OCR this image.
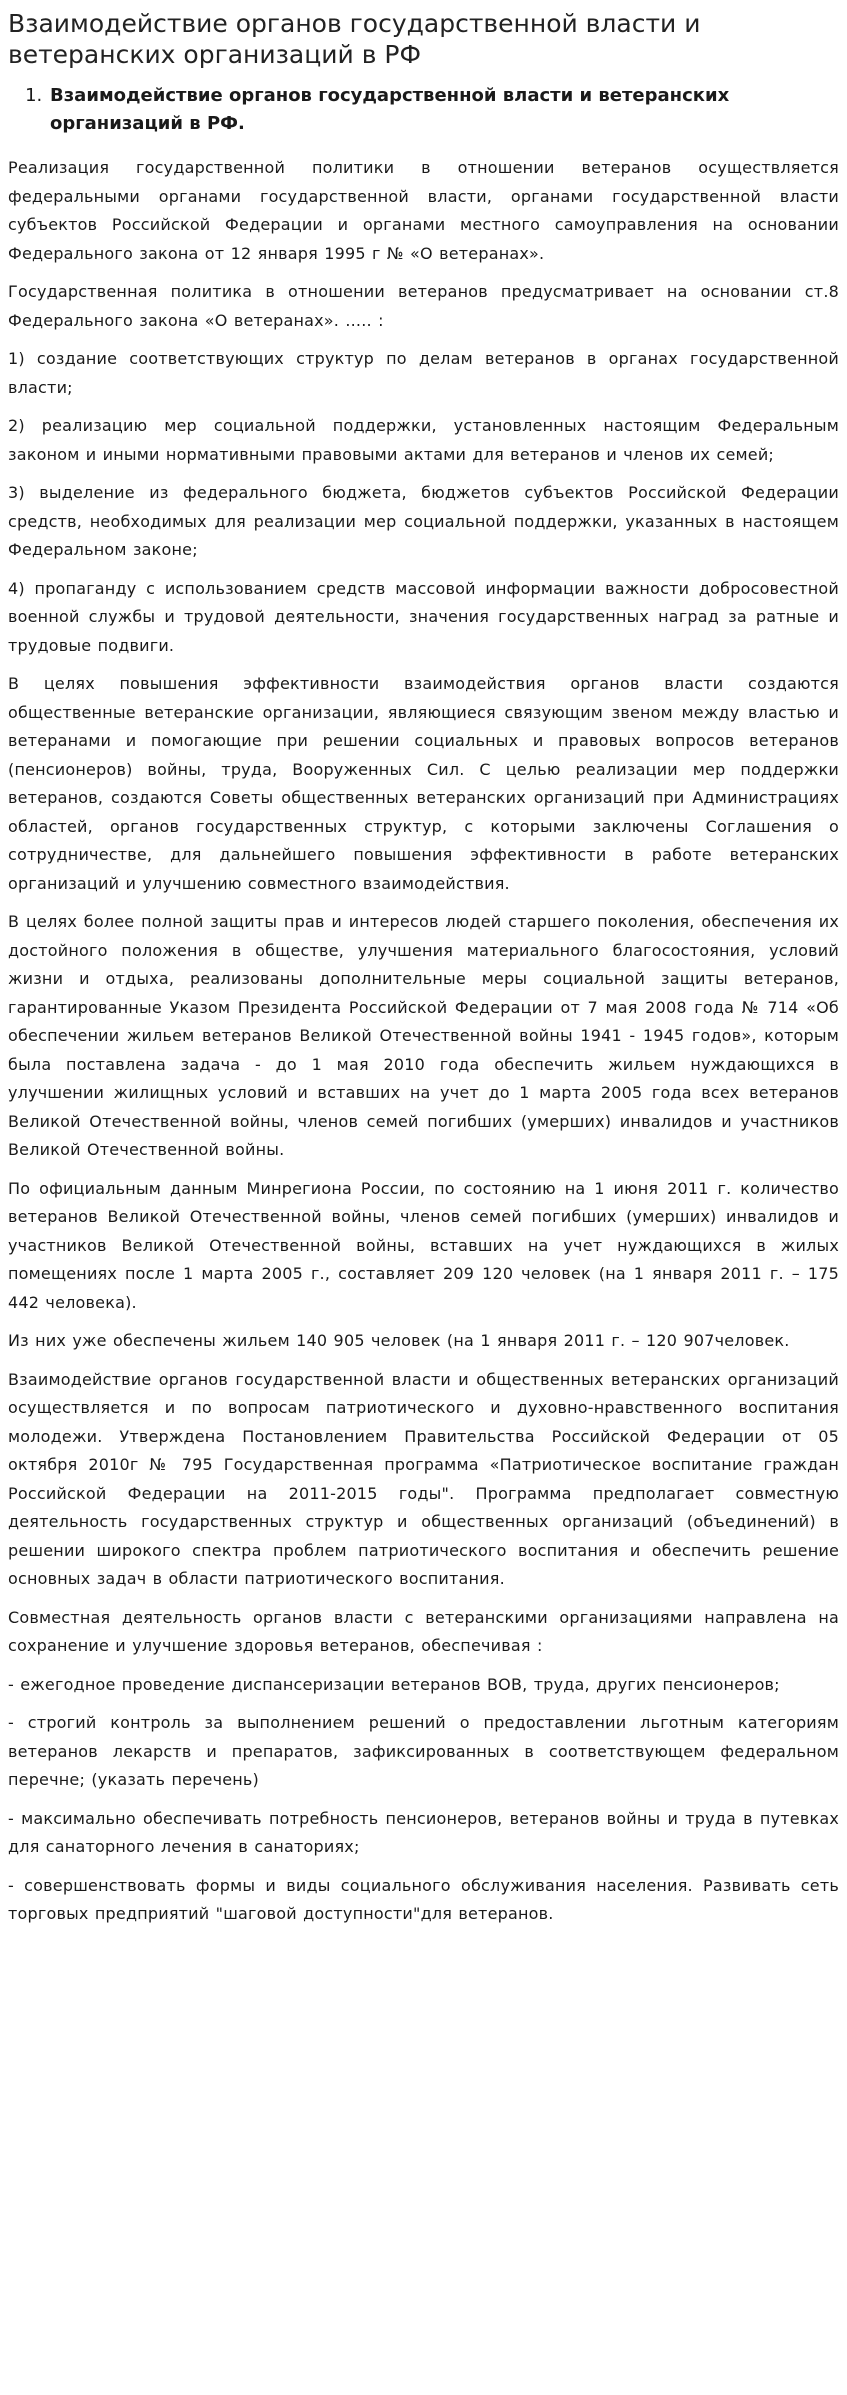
Взаимодействие органов государственной власти и ветеранских организаций в РФ
1. Взаимодействие органов государственной власти и ветеранских организаций в РФ.

Реализация государственной политики в отношении ветеранов осуществляется федеральными органами государственной власти, органами государственной власти субъектов Российской Федерации и органами местного самоуправления на основании Федерального закона от 12 января 1995 г № «О ветеранах».

Государственная политика в отношении ветеранов предусматривает на основании ст.8 Федерального закона «О ветеранах». ..... :

1) создание соответствующих структур по делам ветеранов в органах государственной власти;

2) реализацию мер социальной поддержки, установленных настоящим Федеральным законом и иными нормативными правовыми актами для ветеранов и членов их семей;

3) выделение из федерального бюджета, бюджетов субъектов Российской Федерации средств, необходимых для реализации мер социальной поддержки, указанных в настоящем Федеральном законе;

4) пропаганду с использованием средств массовой информации важности добросовестной военной службы и трудовой деятельности, значения государственных наград за ратные и трудовые подвиги.

В целях повышения эффективности взаимодействия органов власти создаются общественные ветеранские организации, являющиеся связующим звеном между властью и ветеранами и помогающие при решении социальных и правовых вопросов ветеранов (пенсионеров) войны, труда, Вооруженных Сил. С целью реализации мер поддержки ветеранов, создаются Советы общественных ветеранских организаций при Администрациях областей, органов государственных структур, с которыми заключены Соглашения о сотрудничестве, для дальнейшего повышения эффективности в работе ветеранских организаций и улучшению совместного взаимодействия.

В целях более полной защиты прав и интересов людей старшего поколения, обеспечения их достойного положения в обществе, улучшения материального благосостояния, условий жизни и отдыха, реализованы дополнительные меры социальной защиты ветеранов, гарантированные Указом Президента Российской Федерации от 7 мая 2008 года № 714 «Об обеспечении жильем ветеранов Великой Отечественной войны 1941 - 1945 годов», которым была поставлена задача - до 1 мая 2010 года обеспечить жильем нуждающихся в улучшении жилищных условий и вставших на учет до 1 марта 2005 года всех ветеранов Великой Отечественной войны, членов семей погибших (умерших) инвалидов и участников Великой Отечественной войны.

По официальным данным Минрегиона России, по состоянию на 1 июня 2011 г. количество ветеранов Великой Отечественной войны, членов семей погибших (умерших) инвалидов и участников Великой Отечественной войны, вставших на учет нуждающихся в жилых помещениях после 1 марта 2005 г., составляет 209 120 человек (на 1 января 2011 г. – 175 442 человека).

Из них уже обеспечены жильем 140 905 человек (на 1 января 2011 г. – 120 907человек.

Взаимодействие органов государственной власти и общественных ветеранских организаций осуществляется и по вопросам патриотического и духовно-нравственного воспитания молодежи. Утверждена Постановлением Правительства Российской Федерации от 05 октября 2010г № 795 Государственная программа «Патриотическое воспитание граждан Российской Федерации на 2011-2015 годы". Программа предполагает совместную деятельность государственных структур и общественных организаций (объединений) в решении широкого спектра проблем патриотического воспитания и обеспечить решение основных задач в области патриотического воспитания.

Совместная деятельность органов власти с ветеранскими организациями направлена на сохранение и улучшение здоровья ветеранов, обеспечивая :

- ежегодное проведение диспансеризации ветеранов ВОВ, труда, других пенсионеров;

- строгий контроль за выполнением решений о предоставлении льготным категориям ветеранов лекарств и препаратов, зафиксированных в соответствующем федеральном перечне; (указать перечень)

- максимально обеспечивать потребность пенсионеров, ветеранов войны и труда в путевках для санаторного лечения в санаториях;

- совершенствовать формы и виды социального обслуживания населения. Развивать сеть торговых предприятий "шаговой доступности"для ветеранов.
